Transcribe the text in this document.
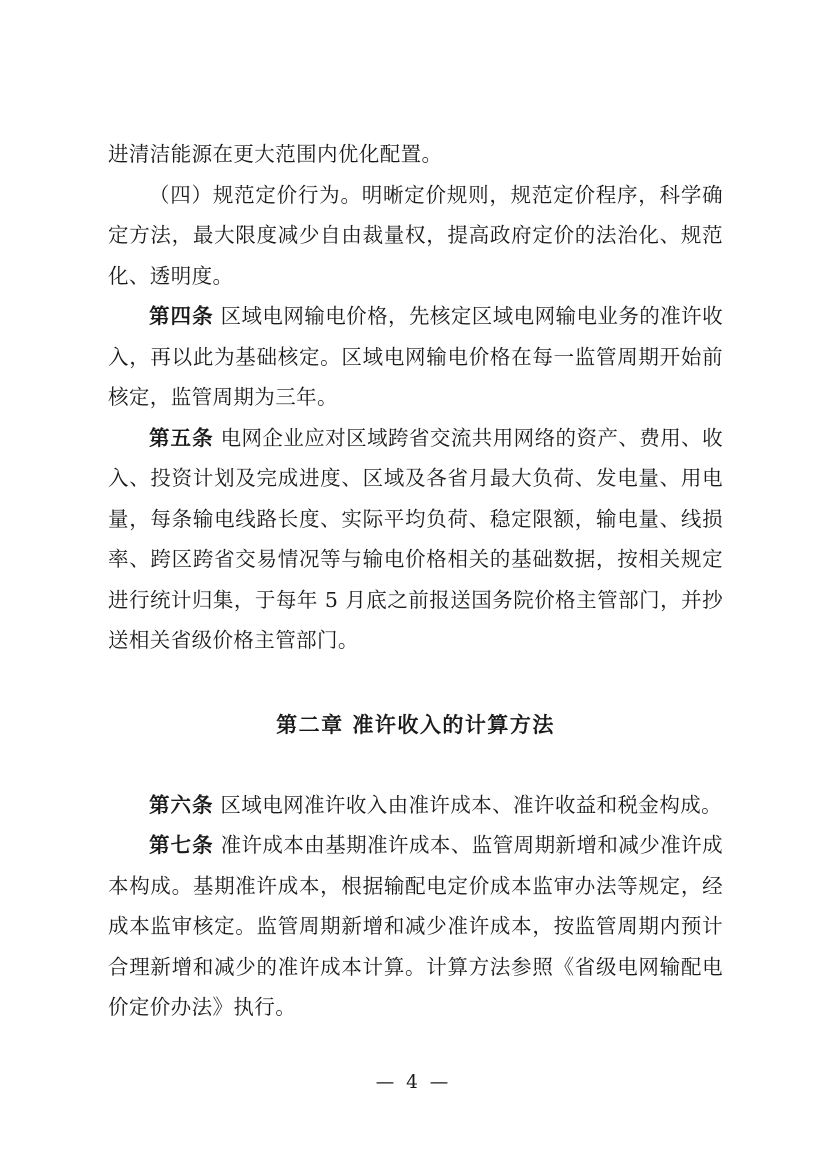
进清洁能源在更大范围内优化配置。

（四）规范定价行为。明晰定价规则，规范定价程序，科学确定方法，最大限度减少自由裁量权，提高政府定价的法治化、规范化、透明度。

第四条 区域电网输电价格，先核定区域电网输电业务的准许收入，再以此为基础核定。区域电网输电价格在每一监管周期开始前核定，监管周期为三年。

第五条 电网企业应对区域跨省交流共用网络的资产、费用、收入、投资计划及完成进度、区域及各省月最大负荷、发电量、用电量，每条输电线路长度、实际平均负荷、稳定限额，输电量、线损率、跨区跨省交易情况等与输电价格相关的基础数据，按相关规定进行统计归集，于每年 5 月底之前报送国务院价格主管部门，并抄送相关省级价格主管部门。

第二章 准许收入的计算方法

第六条 区域电网准许收入由准许成本、准许收益和税金构成。

第七条 准许成本由基期准许成本、监管周期新增和减少准许成本构成。基期准许成本，根据输配电定价成本监审办法等规定，经成本监审核定。监管周期新增和减少准许成本，按监管周期内预计合理新增和减少的准许成本计算。计算方法参照《省级电网输配电价定价办法》执行。

— 4 —
